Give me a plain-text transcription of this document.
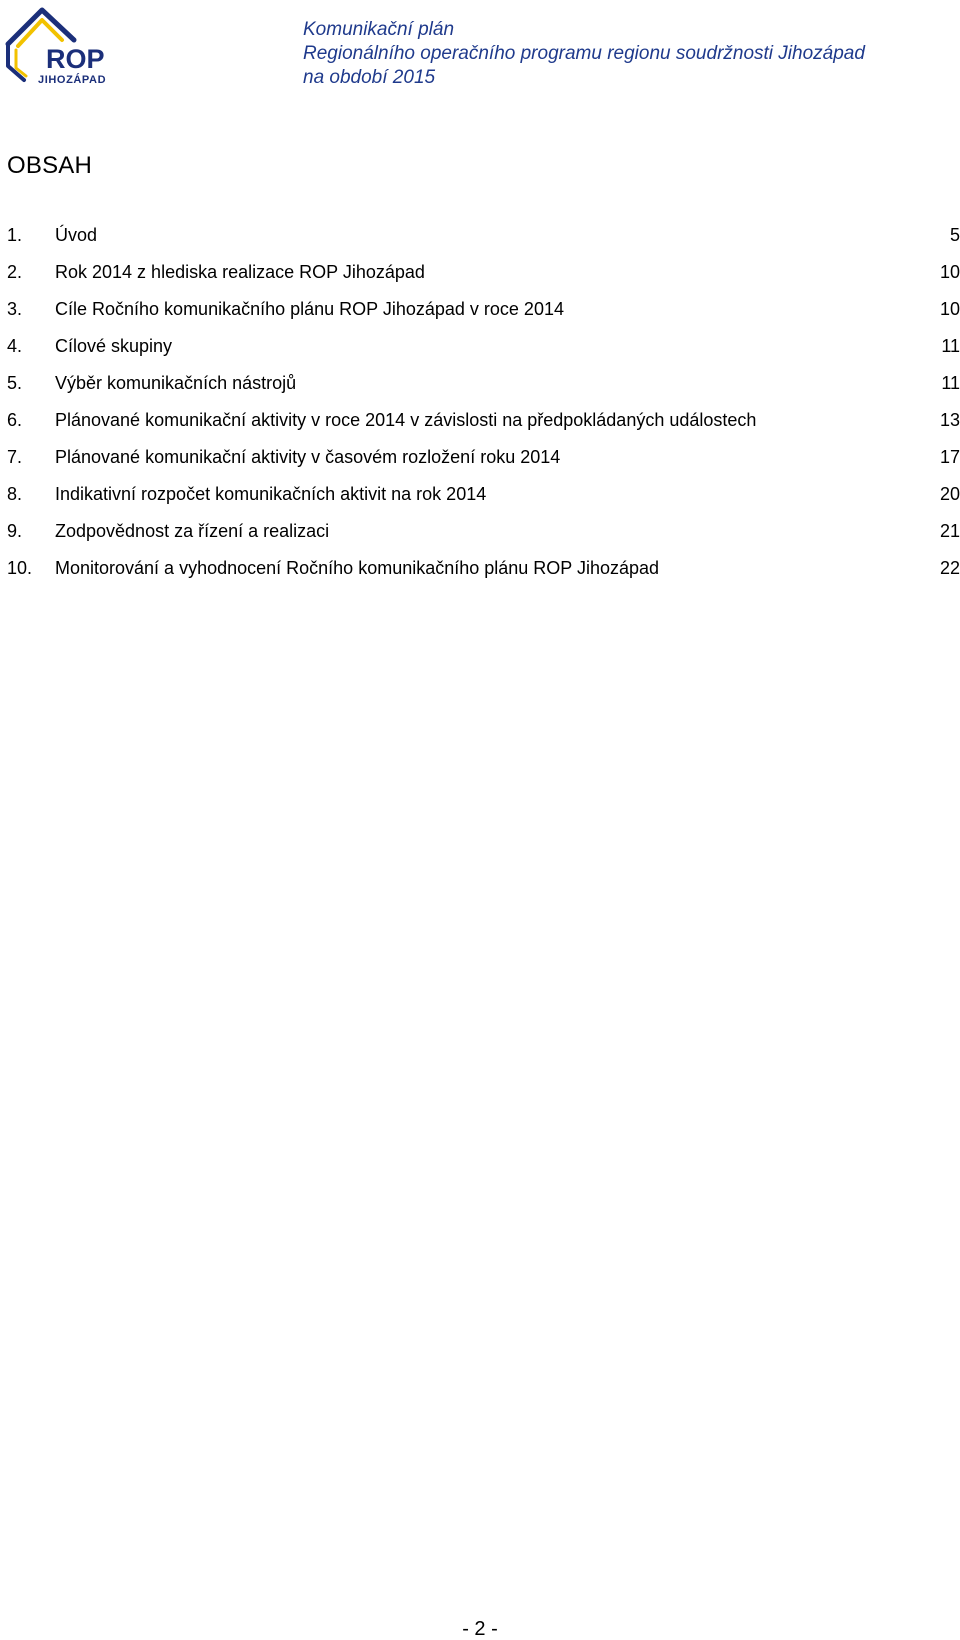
ROP
JIHOZÁPAD
Komunikační plán
Regionálního operačního programu regionu soudržnosti Jihozápad
na období 2015
OBSAH
1. Úvod	5
2. Rok 2014 z hlediska realizace ROP Jihozápad	10
3. Cíle Ročního komunikačního plánu ROP Jihozápad v roce 2014	10
4. Cílové skupiny	11
5. Výběr komunikačních nástrojů	11
6. Plánované komunikační aktivity v roce 2014 v závislosti na předpokládaných událostech	13
7. Plánované komunikační aktivity v časovém rozložení roku 2014	17
8. Indikativní rozpočet komunikačních aktivit na rok 2014	20
9. Zodpovědnost za řízení a realizaci	21
10. Monitorování a vyhodnocení Ročního komunikačního plánu ROP Jihozápad	22
- 2 -
